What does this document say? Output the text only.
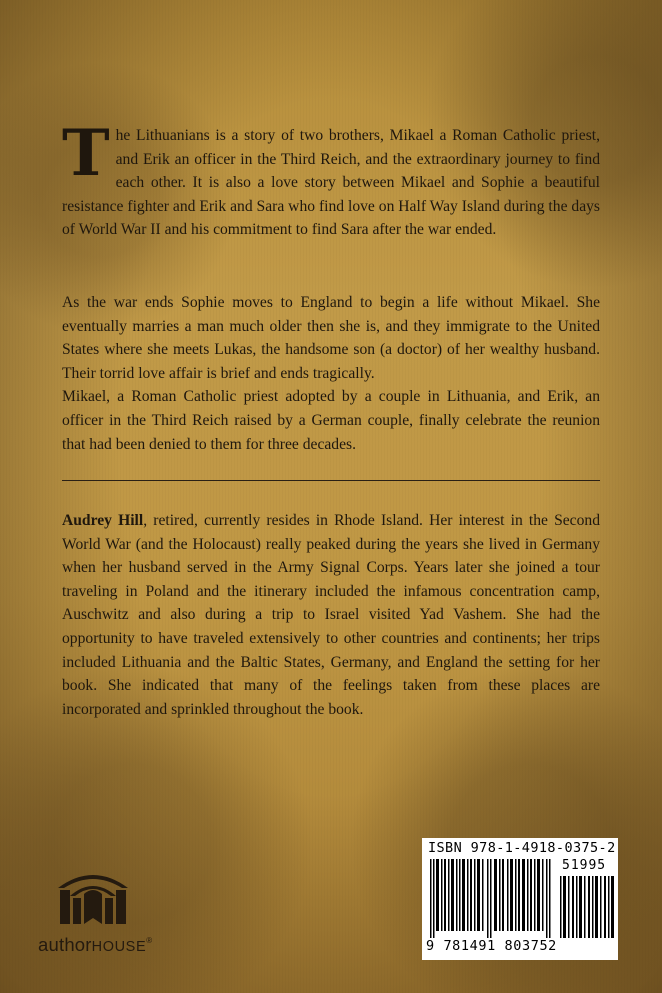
The Lithuanians is a story of two brothers, Mikael a Roman Catholic priest, and Erik an officer in the Third Reich, and the extraordinary journey to find each other. It is also a love story between Mikael and Sophie a beautiful resistance fighter and Erik and Sara who find love on Half Way Island during the days of World War II and his commitment to find Sara after the war ended.
As the war ends Sophie moves to England to begin a life without Mikael. She eventually marries a man much older then she is, and they immigrate to the United States where she meets Lukas, the handsome son (a doctor) of her wealthy husband. Their torrid love affair is brief and ends tragically.
Mikael, a Roman Catholic priest adopted by a couple in Lithuania, and Erik, an officer in the Third Reich raised by a German couple, finally celebrate the reunion that had been denied to them for three decades.
Audrey Hill, retired, currently resides in Rhode Island. Her interest in the Second World War (and the Holocaust) really peaked during the years she lived in Germany when her husband served in the Army Signal Corps. Years later she joined a tour traveling in Poland and the itinerary included the infamous concentration camp, Auschwitz and also during a trip to Israel visited Yad Vashem. She had the opportunity to have traveled extensively to other countries and continents; her trips included Lithuania and the Baltic States, Germany, and England the setting for her book. She indicated that many of the feelings taken from these places are incorporated and sprinkled throughout the book.
ISBN 978-1-4918-0375-2
51995
9 781491 803752
authorHOUSE®
